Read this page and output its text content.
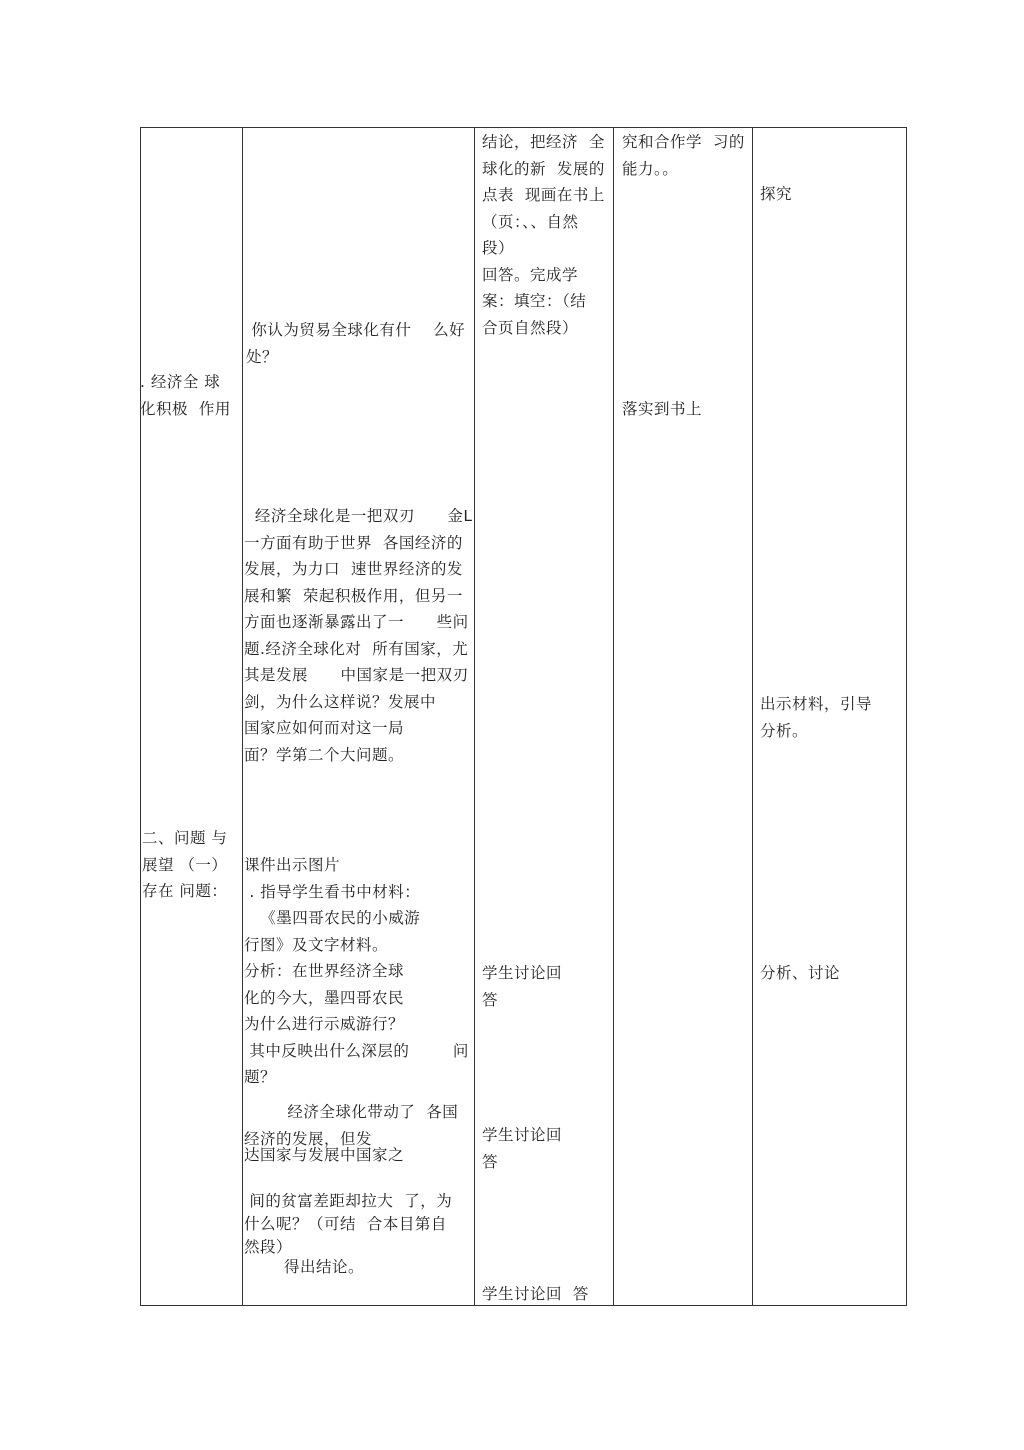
. 经济全 球
化积极  作用

二、问题 与
展望 （一）
存在 问题：

你认为贸易全球化有什    么好
处？

经济全球化是一把双刃      金L
一方面有助于世界  各国经济的
发展，为力口  速世界经济的发
展和繁  荣起积极作用，但另一
方面也逐渐暴露出了一      些问
题.经济全球化对  所有国家，尤
其是发展      中国家是一把双刃
剑，为什么这样说？发展中
国家应如何而对这一局
面？学第二个大问题。

课件出示图片
. 指导学生看书中材料：
《墨四哥农民的小威游
行图》及文字材料。
分析：在世界经济全球
化的今大，墨四哥农民
为什么进行示威游行？
其中反映出什么深层的        问
题？

经济全球化带动了  各国
经济的发展，但发

达国家与发展中国家之

间的贫富差距却拉大  了，为
什么呢？（可结  合本目第自
然段）

得出结论。

结论，把经济  全
球化的新  发展的
点表  现画在书上
（页：、、自然
段）
回答。完成学
案：填空：（结
合页自然段）

学生讨论回
答

学生讨论回
答

学生讨论回  答

究和合作学  习的
能力。。

落实到书上

探究

出示材料，引导
分析。

分析、讨论
